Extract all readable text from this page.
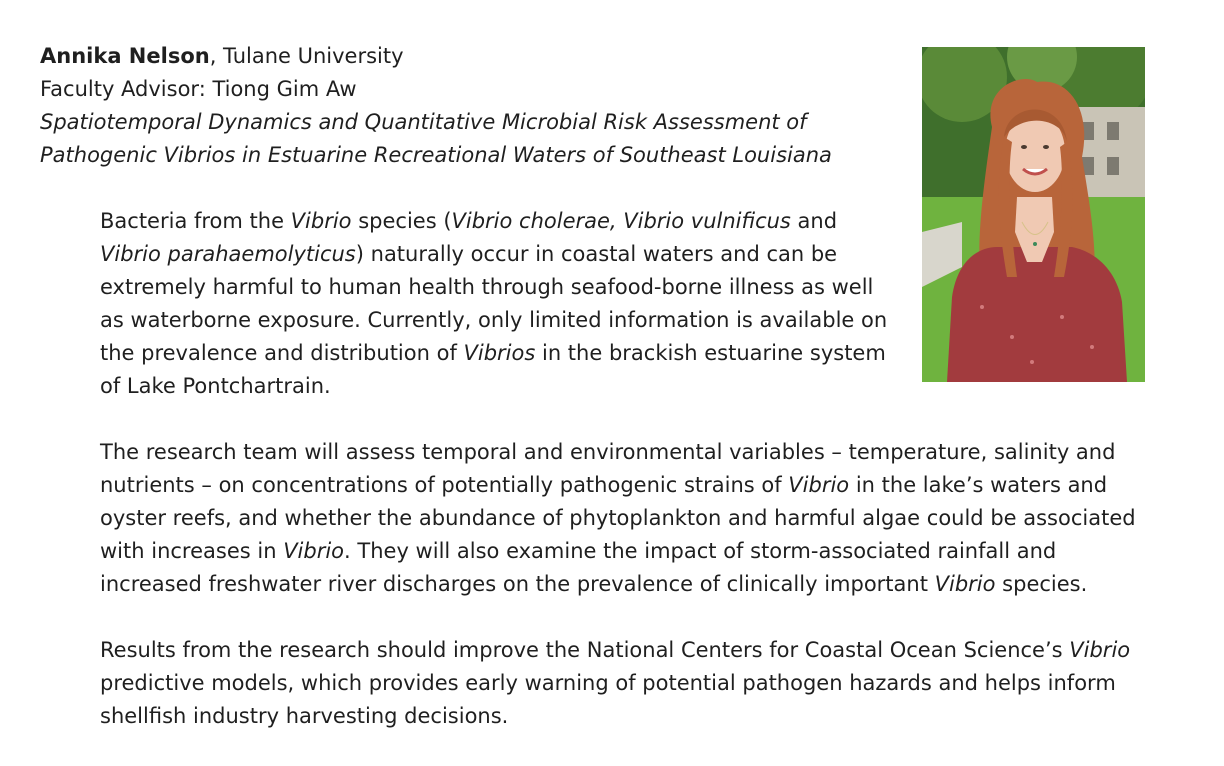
Annika Nelson, Tulane University
Faculty Advisor: Tiong Gim Aw
Spatiotemporal Dynamics and Quantitative Microbial Risk Assessment of
Pathogenic Vibrios in Estuarine Recreational Waters of Southeast Louisiana

Bacteria from the Vibrio species (Vibrio cholerae, Vibrio vulnificus and Vibrio parahaemolyticus) naturally occur in coastal waters and can be extremely harmful to human health through seafood-borne illness as well as waterborne exposure. Currently, only limited information is available on the prevalence and distribution of Vibrios in the brackish estuarine system of Lake Pontchartrain.

The research team will assess temporal and environmental variables – temperature, salinity and nutrients – on concentrations of potentially pathogenic strains of Vibrio in the lake’s waters and oyster reefs, and whether the abundance of phytoplankton and harmful algae could be associated with increases in Vibrio. They will also examine the impact of storm-associated rainfall and increased freshwater river discharges on the prevalence of clinically important Vibrio species.

Results from the research should improve the National Centers for Coastal Ocean Science’s Vibrio predictive models, which provides early warning of potential pathogen hazards and helps inform shellfish industry harvesting decisions.
